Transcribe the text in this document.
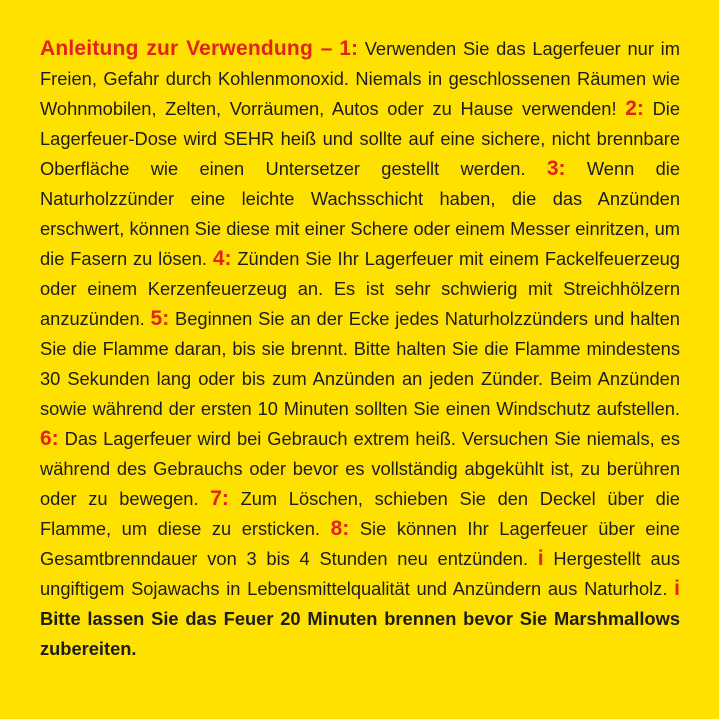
Anleitung zur Verwendung – 1: Verwenden Sie das Lagerfeuer nur im Freien, Gefahr durch Kohlenmonoxid. Niemals in geschlossenen Räumen wie Wohnmobilen, Zelten, Vorräumen, Autos oder zu Hause verwenden! 2: Die Lagerfeuer-Dose wird SEHR heiß und sollte auf eine sichere, nicht brennbare Oberfläche wie einen Untersetzer gestellt werden. 3: Wenn die Naturholzzünder eine leichte Wachsschicht haben, die das Anzünden erschwert, können Sie diese mit einer Schere oder einem Messer einritzen, um die Fasern zu lösen. 4: Zünden Sie Ihr Lagerfeuer mit einem Fackelfeuerzeug oder einem Kerzenfeuerzeug an. Es ist sehr schwierig mit Streichhölzern anzuzünden. 5: Beginnen Sie an der Ecke jedes Naturholzzünders und halten Sie die Flamme daran, bis sie brennt. Bitte halten Sie die Flamme mindestens 30 Sekunden lang oder bis zum Anzünden an jeden Zünder. Beim Anzünden sowie während der ersten 10 Minuten sollten Sie einen Windschutz aufstellen. 6: Das Lagerfeuer wird bei Gebrauch extrem heiß. Versuchen Sie niemals, es während des Gebrauchs oder bevor es vollständig abgekühlt ist, zu berühren oder zu bewegen. 7: Zum Löschen, schieben Sie den Deckel über die Flamme, um diese zu ersticken. 8: Sie können Ihr Lagerfeuer über eine Gesamtbrenndauer von 3 bis 4 Stunden neu entzünden. i Hergestellt aus ungiftigem Sojawachs in Lebensmittelqualität und Anzündern aus Naturholz. i Bitte lassen Sie das Feuer 20 Minuten brennen bevor Sie Marshmallows zubereiten.
